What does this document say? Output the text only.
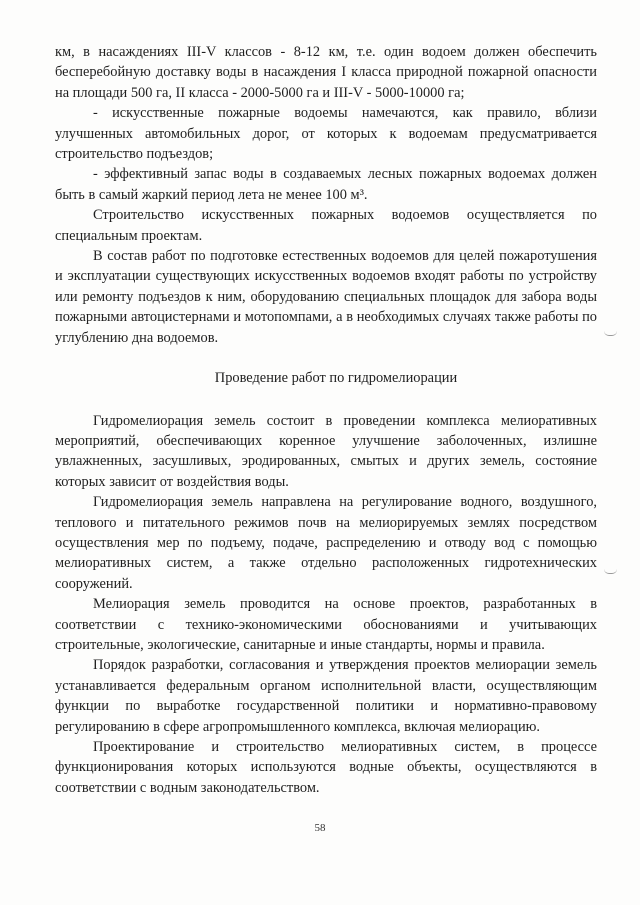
км, в насаждениях III-V классов - 8-12 км, т.е. один водоем должен обеспечить бесперебойную доставку воды в насаждения I класса природной пожарной опасности на площади 500 га, II класса - 2000-5000 га и III-V - 5000-10000 га;

- искусственные пожарные водоемы намечаются, как правило, вблизи улучшенных автомобильных дорог, от которых к водоемам предусматривается строительство подъездов;

- эффективный запас воды в создаваемых лесных пожарных водоемах должен быть в самый жаркий период лета не менее 100 м³.

Строительство искусственных пожарных водоемов осуществляется по специальным проектам.

В состав работ по подготовке естественных водоемов для целей пожаротушения и эксплуатации существующих искусственных водоемов входят работы по устройству или ремонту подъездов к ним, оборудованию специальных площадок для забора воды пожарными автоцистернами и мотопомпами, а в необходимых случаях также работы по углублению дна водоемов.

Проведение работ по гидромелиорации

Гидромелиорация земель состоит в проведении комплекса мелиоративных мероприятий, обеспечивающих коренное улучшение заболоченных, излишне увлажненных, засушливых, эродированных, смытых и других земель, состояние которых зависит от воздействия воды.

Гидромелиорация земель направлена на регулирование водного, воздушного, теплового и питательного режимов почв на мелиорируемых землях посредством осуществления мер по подъему, подаче, распределению и отводу вод с помощью мелиоративных систем, а также отдельно расположенных гидротехнических сооружений.

Мелиорация земель проводится на основе проектов, разработанных в соответствии с технико-экономическими обоснованиями и учитывающих строительные, экологические, санитарные и иные стандарты, нормы и правила.

Порядок разработки, согласования и утверждения проектов мелиорации земель устанавливается федеральным органом исполнительной власти, осуществляющим функции по выработке государственной политики и нормативно-правовому регулированию в сфере агропромышленного комплекса, включая мелиорацию.

Проектирование и строительство мелиоративных систем, в процессе функционирования которых используются водные объекты, осуществляются в соответствии с водным законодательством.

58
